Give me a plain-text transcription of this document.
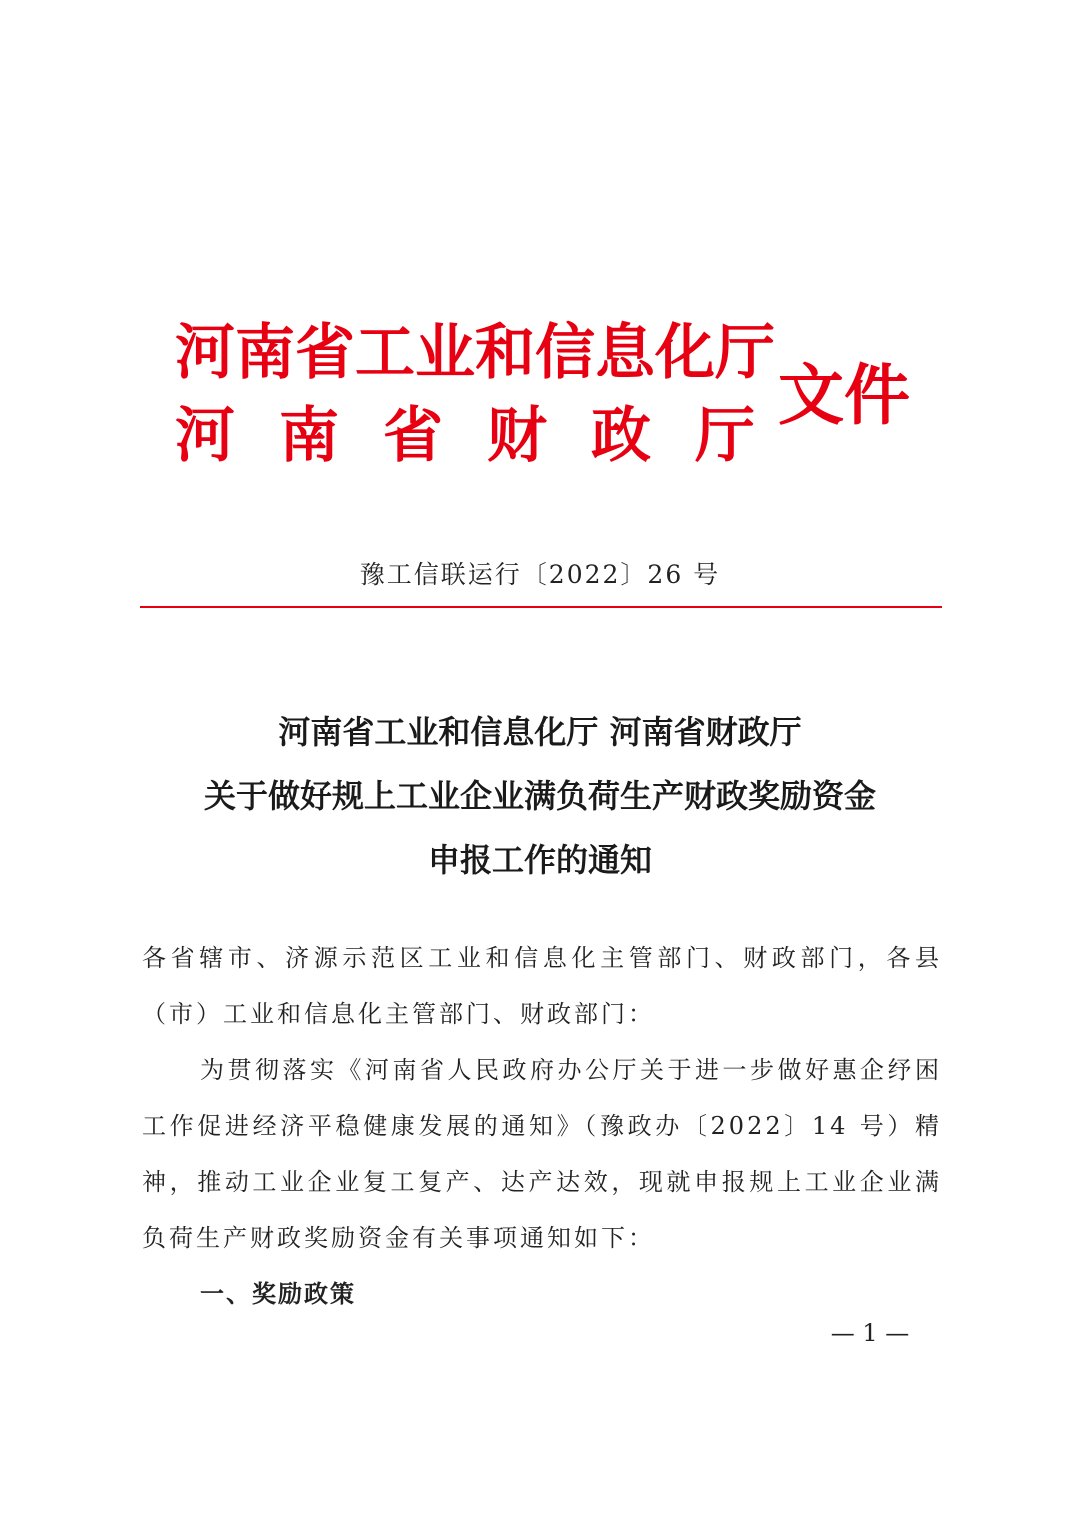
河南省工业和信息化厅
河南省财政厅
文件
豫工信联运行〔2022〕26 号
河南省工业和信息化厅 河南省财政厅
关于做好规上工业企业满负荷生产财政奖励资金
申报工作的通知

各省辖市、济源示范区工业和信息化主管部门、财政部门，各县（市）工业和信息化主管部门、财政部门：

为贯彻落实《河南省人民政府办公厅关于进一步做好惠企纾困工作促进经济平稳健康发展的通知》（豫政办〔2022〕14 号）精神，推动工业企业复工复产、达产达效，现就申报规上工业企业满负荷生产财政奖励资金有关事项通知如下：

一、奖励政策

— 1 —
